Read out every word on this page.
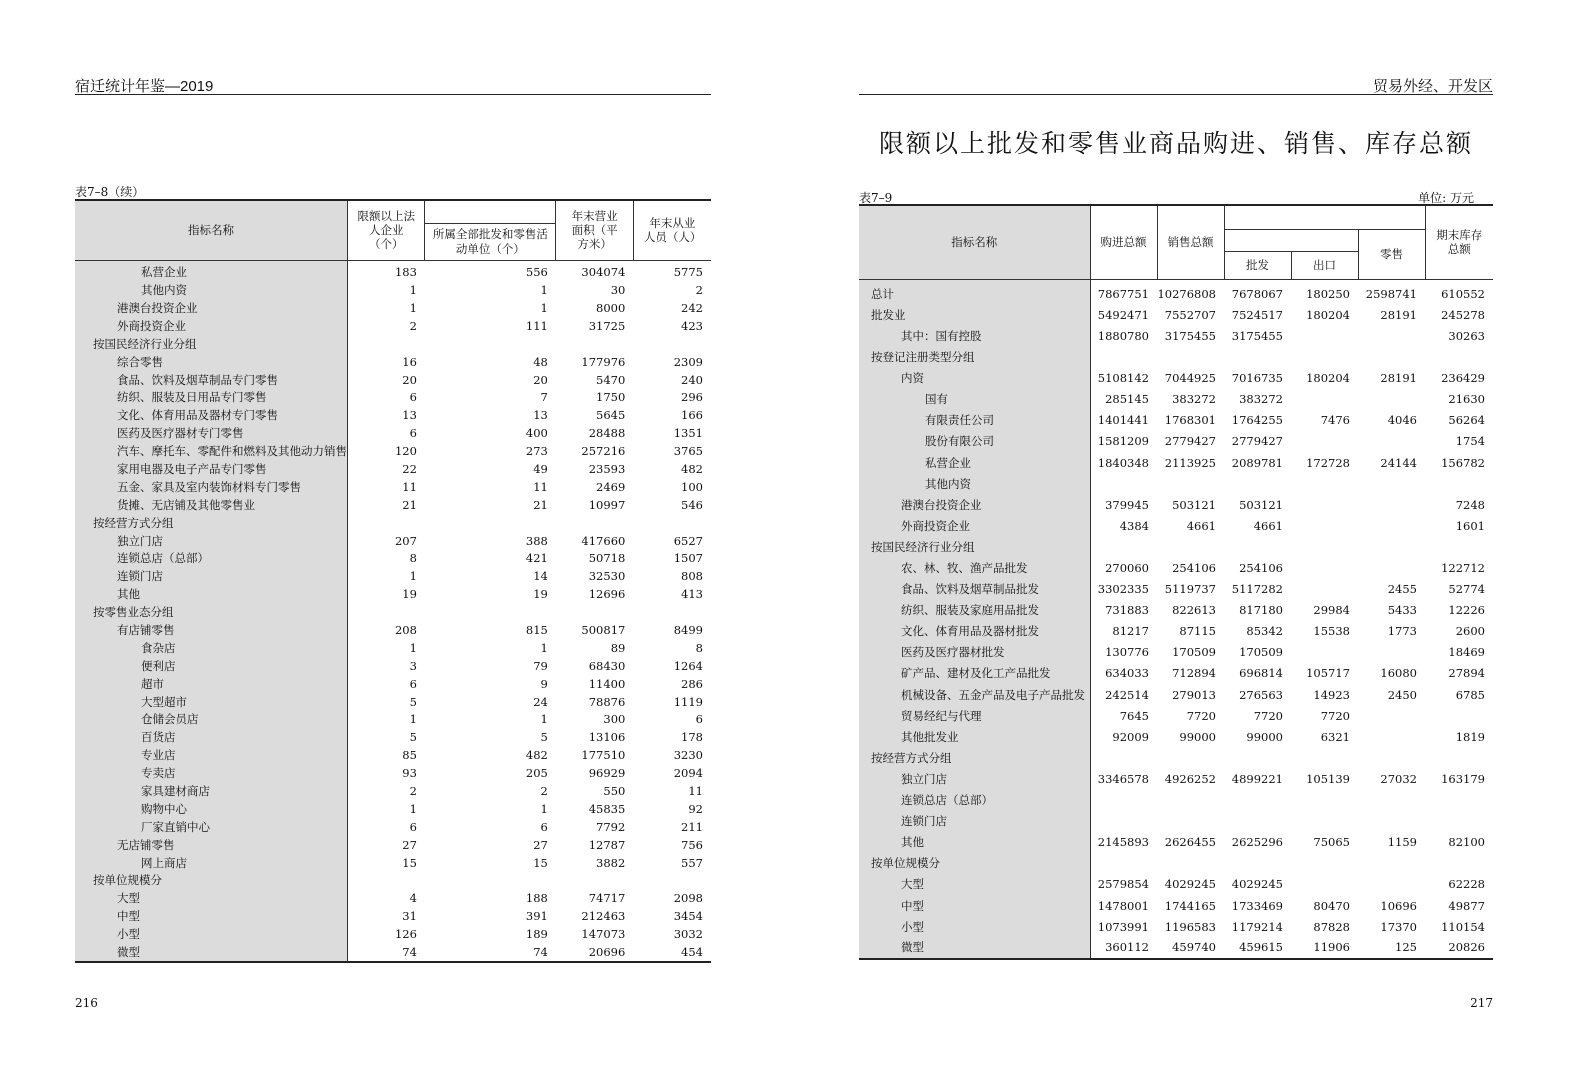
宿迁统计年鉴—2019
表7–8（续）
指标名称	限额以上法人企业（个）		年末营业面积（平方米）	年末从业人员（人）
		所属全部批发和零售活动单位（个）		
私营企业	183	556	304074	5775
其他内资	1	1	30	2
港澳台投资企业	1	1	8000	242
外商投资企业	2	111	31725	423
按国民经济行业分组				
综合零售	16	48	177976	2309
食品、饮料及烟草制品专门零售	20	20	5470	240
纺织、服装及日用品专门零售	6	7	1750	296
文化、体育用品及器材专门零售	13	13	5645	166
医药及医疗器材专门零售	6	400	28488	1351
汽车、摩托车、零配件和燃料及其他动力销售	120	273	257216	3765
家用电器及电子产品专门零售	22	49	23593	482
五金、家具及室内装饰材料专门零售	11	11	2469	100
货摊、无店铺及其他零售业	21	21	10997	546
按经营方式分组				
独立门店	207	388	417660	6527
连锁总店（总部）	8	421	50718	1507
连锁门店	1	14	32530	808
其他	19	19	12696	413
按零售业态分组				
有店铺零售	208	815	500817	8499
食杂店	1	1	89	8
便利店	3	79	68430	1264
超市	6	9	11400	286
大型超市	5	24	78876	1119
仓储会员店	1	1	300	6
百货店	5	5	13106	178
专业店	85	482	177510	3230
专卖店	93	205	96929	2094
家具建材商店	2	2	550	11
购物中心	1	1	45835	92
厂家直销中心	6	6	7792	211
无店铺零售	27	27	12787	756
网上商店	15	15	3882	557
按单位规模分				
大型	4	188	74717	2098
中型	31	391	212463	3454
小型	126	189	147073	3032
微型	74	74	20696	454
216
贸易外经、开发区
限额以上批发和零售业商品购进、销售、库存总额
表7–9	单位: 万元
指标名称	购进总额	销售总额				期末库存总额
					零售	
			批发	出口		
总计	7867751	10276808	7678067	180250	2598741	610552
批发业	5492471	7552707	7524517	180204	28191	245278
其中：国有控股	1880780	3175455	3175455			30263
按登记注册类型分组						
内资	5108142	7044925	7016735	180204	28191	236429
国有	285145	383272	383272			21630
有限责任公司	1401441	1768301	1764255	7476	4046	56264
股份有限公司	1581209	2779427	2779427			1754
私营企业	1840348	2113925	2089781	172728	24144	156782
其他内资						
港澳台投资企业	379945	503121	503121			7248
外商投资企业	4384	4661	4661			1601
按国民经济行业分组						
农、林、牧、渔产品批发	270060	254106	254106			122712
食品、饮料及烟草制品批发	3302335	5119737	5117282		2455	52774
纺织、服装及家庭用品批发	731883	822613	817180	29984	5433	12226
文化、体育用品及器材批发	81217	87115	85342	15538	1773	2600
医药及医疗器材批发	130776	170509	170509			18469
矿产品、建材及化工产品批发	634033	712894	696814	105717	16080	27894
机械设备、五金产品及电子产品批发	242514	279013	276563	14923	2450	6785
贸易经纪与代理	7645	7720	7720	7720		
其他批发业	92009	99000	99000	6321		1819
按经营方式分组						
独立门店	3346578	4926252	4899221	105139	27032	163179
连锁总店（总部）						
连锁门店						
其他	2145893	2626455	2625296	75065	1159	82100
按单位规模分						
大型	2579854	4029245	4029245			62228
中型	1478001	1744165	1733469	80470	10696	49877
小型	1073991	1196583	1179214	87828	17370	110154
微型	360112	459740	459615	11906	125	20826
217
